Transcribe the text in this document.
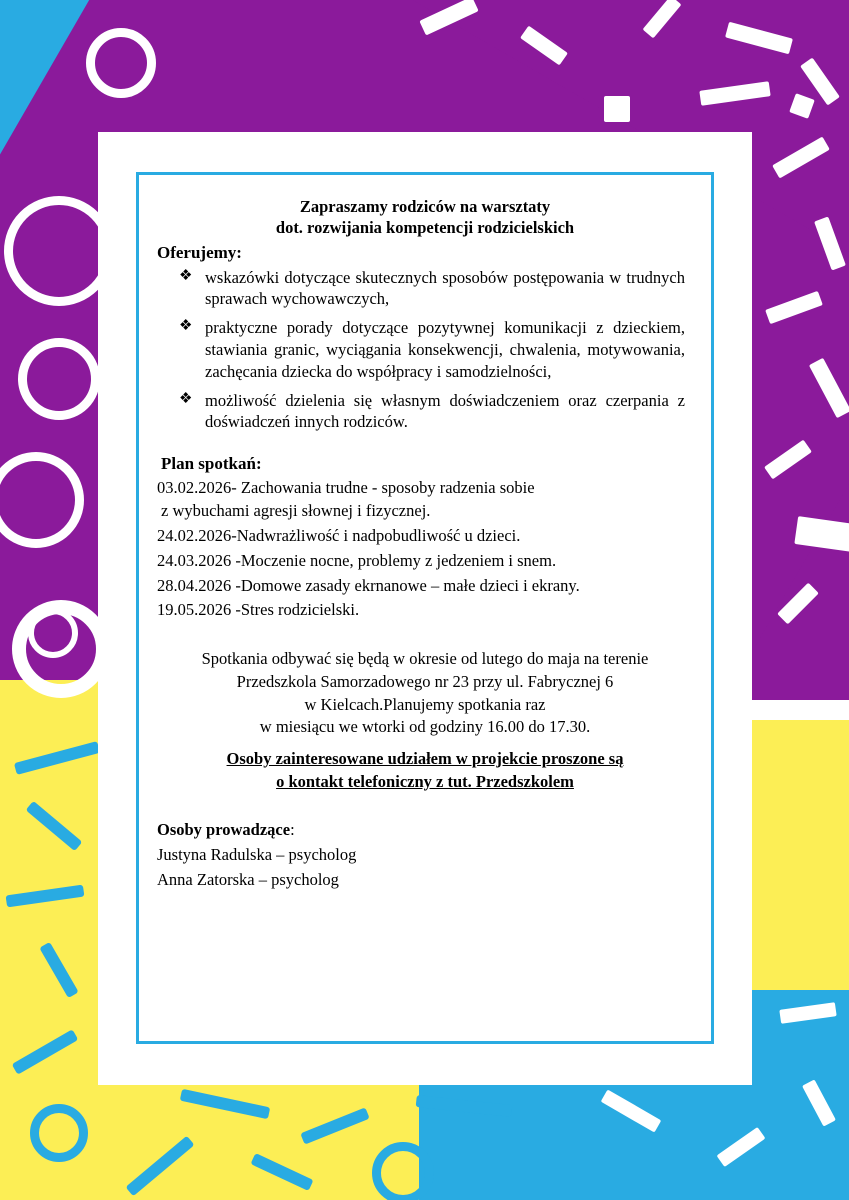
Zapraszamy rodziców na warsztaty
dot. rozwijania kompetencji rodzicielskich
Oferujemy:
❖ wskazówki dotyczące skutecznych sposobów postępowania w trudnych sprawach wychowawczych,
❖ praktyczne porady dotyczące pozytywnej komunikacji z dzieckiem, stawiania granic, wyciągania konsekwencji, chwalenia, motywowania, zachęcania dziecka do współpracy i samodzielności,
❖ możliwość dzielenia się własnym doświadczeniem oraz czerpania z doświadczeń innych rodziców.
Plan spotkań:
03.02.2026- Zachowania trudne - sposoby radzenia sobie
z wybuchami agresji słownej i fizycznej.
24.02.2026-Nadwrażliwość i nadpobudliwość u dzieci.
24.03.2026 -Moczenie nocne, problemy z jedzeniem i snem.
28.04.2026 -Domowe zasady ekrnanowe – małe dzieci i ekrany.
19.05.2026 -Stres rodzicielski.

Spotkania odbywać się będą w okresie od lutego do maja na terenie

Przedszkola Samorzadowego nr 23 przy ul. Fabrycznej 6

w Kielcach.Planujemy spotkania raz

w miesiącu we wtorki od godziny 16.00 do 17.30.

Osoby zainteresowane udziałem w projekcie proszone są
o kontakt telefoniczny z tut. Przedszkolem

Osoby prowadzące:

Justyna Radulska – psycholog

Anna Zatorska – psycholog
